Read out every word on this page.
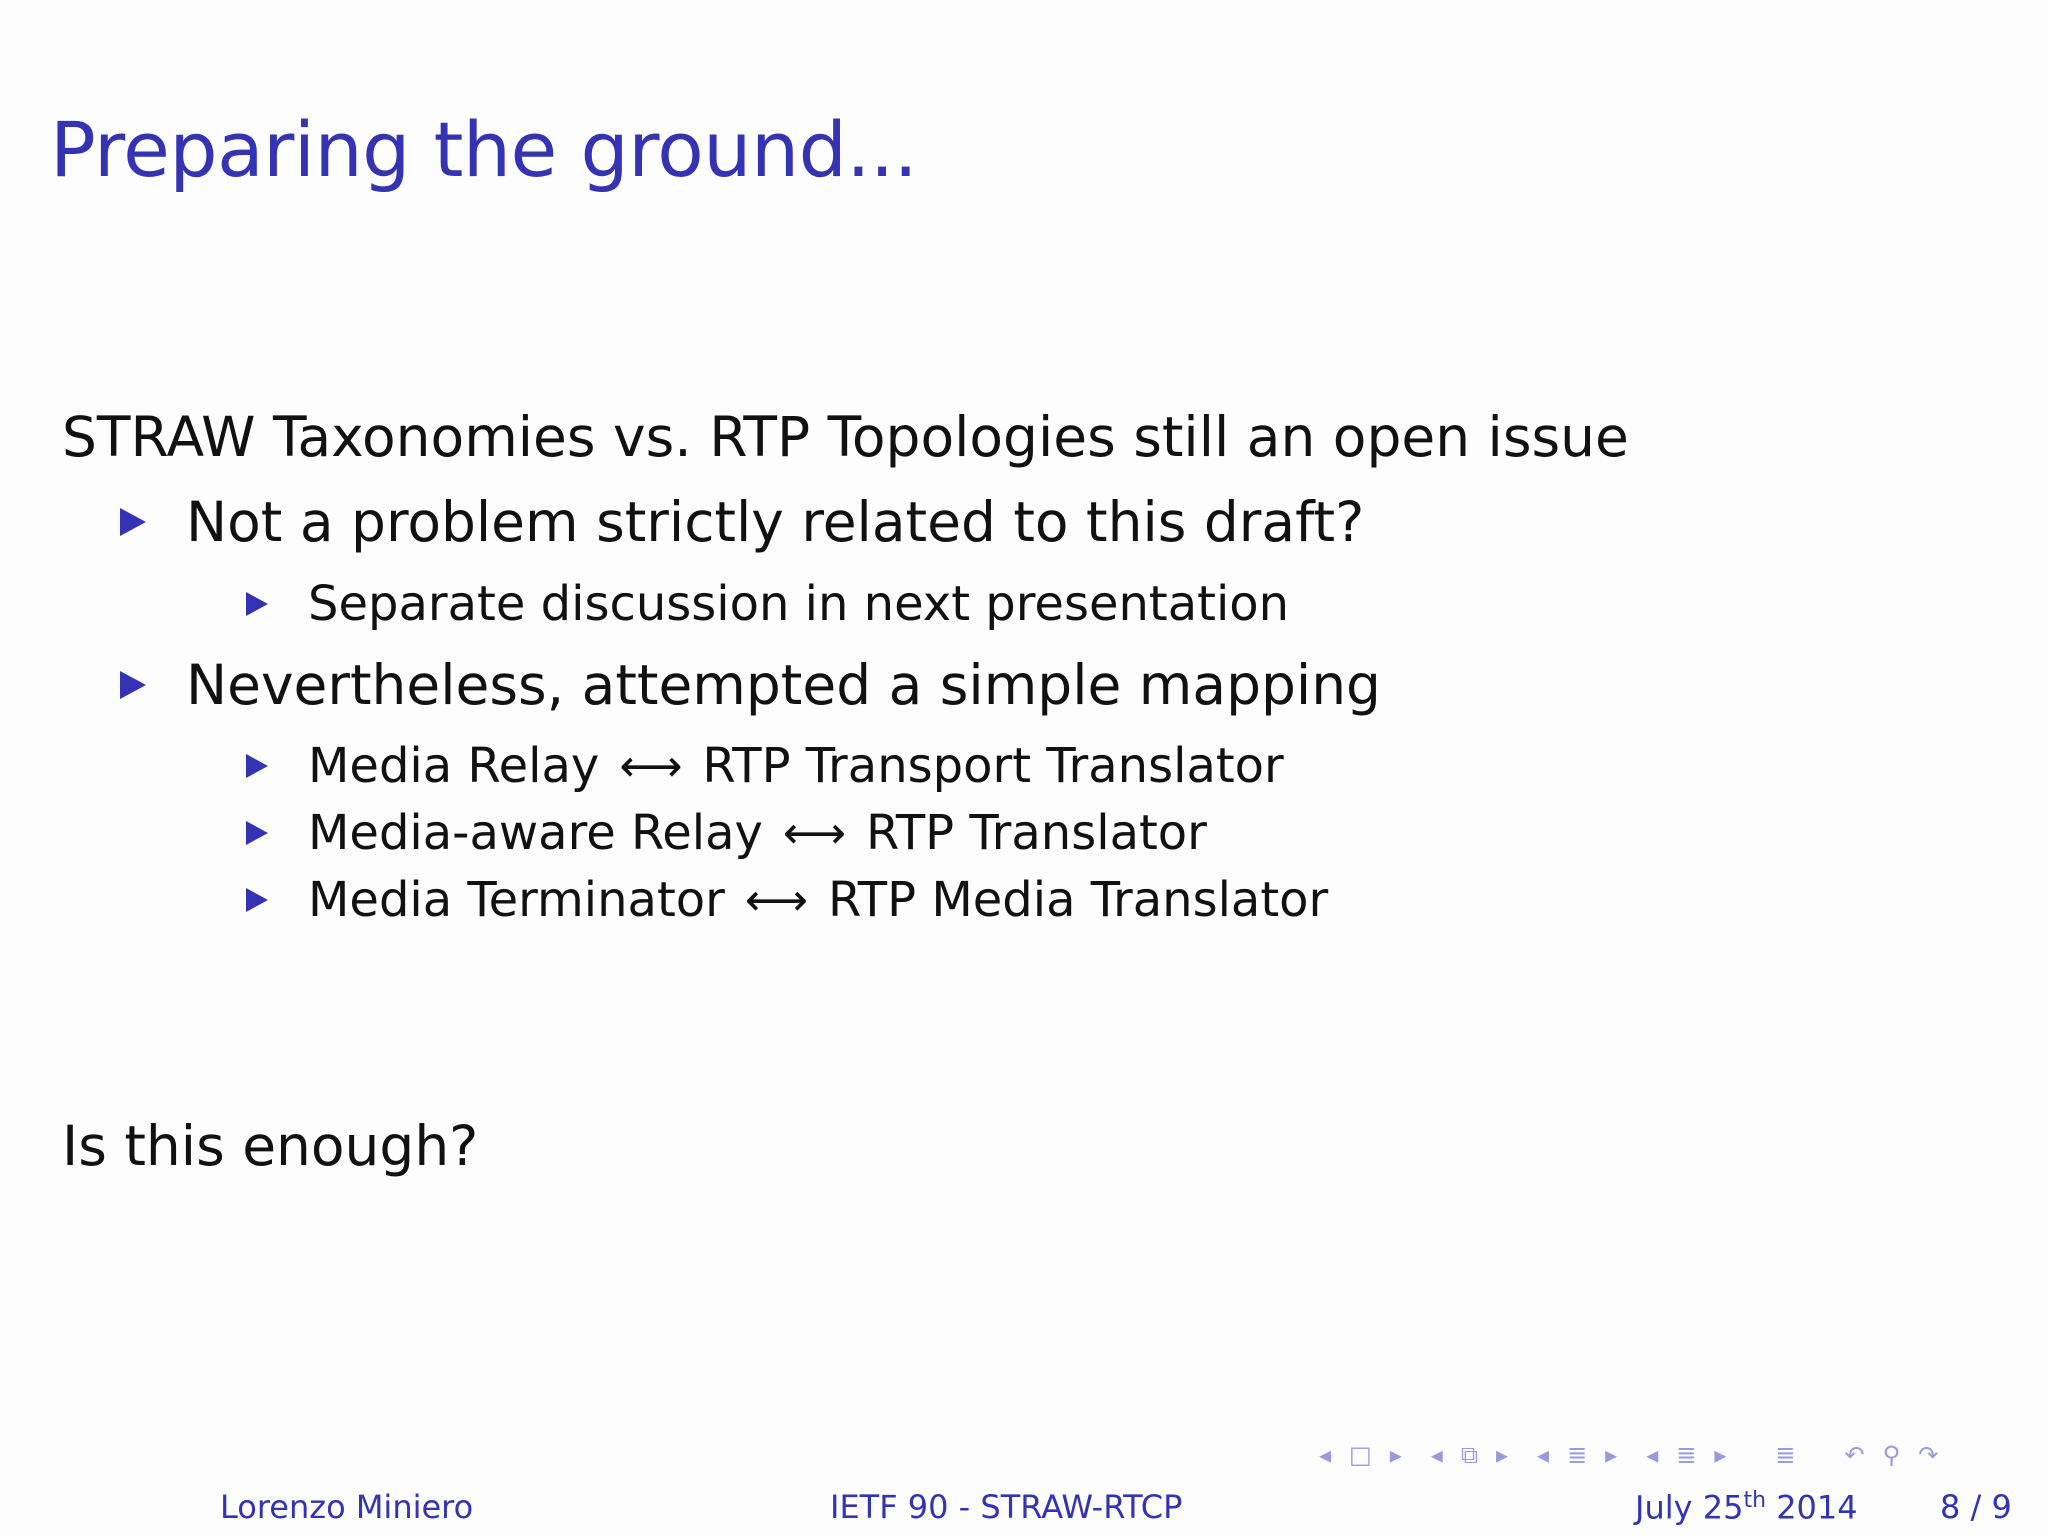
Preparing the ground...
STRAW Taxonomies vs. RTP Topologies still an open issue
Not a problem strictly related to this draft?
Separate discussion in next presentation
Nevertheless, attempted a simple mapping
Media Relay ⟷ RTP Transport Translator
Media-aware Relay ⟷ RTP Translator
Media Terminator ⟷ RTP Media Translator
Is this enough?
◂ □ ▸ ◂ ⧉ ▸ ◂ ≣ ▸ ◂ ≣ ▸ ≣ ↶ ⚲ ↷
Lorenzo Miniero	IETF 90 - STRAW-RTCP	July 25th 2014	8 / 9
